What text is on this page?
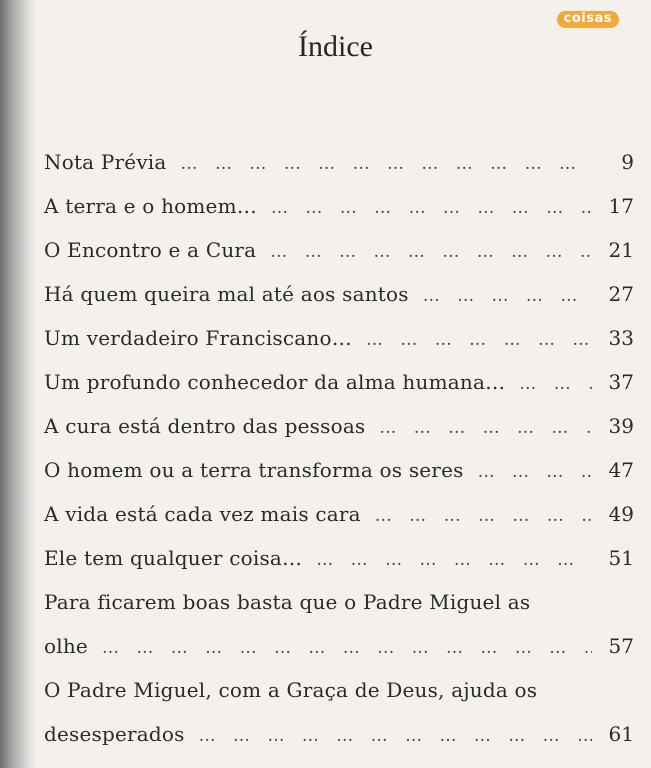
coisas
Índice
Nota Prévia … … … … … … … … … … … … … … … … … … … … … … … … …	9
A terra e o homem… … … … … … … … … … … … … … … … … … … … … … … … … …	17
O Encontro e a Cura … … … … … … … … … … … … … … … … … … … … … … … … …	21
Há quem queira mal até aos santos … … … … … … … … … … … … … … … … … … … … … … … … …	27
Um verdadeiro Franciscano… … … … … … … … … … … … … … … … … … … … … … … … … …	33
Um profundo conhecedor da alma humana… … … … … … … … … … … … … … … … … … … … … … … … … …	37
A cura está dentro das pessoas … … … … … … … … … … … … … … … … … … … … … … … … …	39
O homem ou a terra transforma os seres … … … … … … … … … … … … … … … … … … … … … … … … …	47
A vida está cada vez mais cara … … … … … … … … … … … … … … … … … … … … … … … … …	49
Ele tem qualquer coisa… … … … … … … … … … … … … … … … … … … … … … … … … …	51
Para ficarem boas basta que o Padre Miguel as
olhe … … … … … … … … … … … … … … … … … … … … … … … … …	57
O Padre Miguel, com a Graça de Deus, ajuda os
desesperados … … … … … … … … … … … … … … … … … … … … … … … … …	61
